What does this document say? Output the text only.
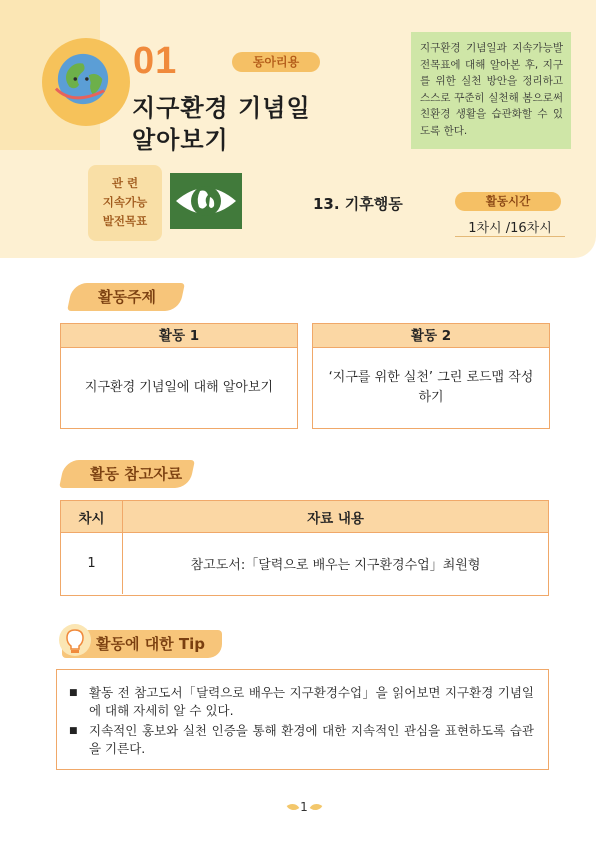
01	동아리용
지구환경 기념일
알아보기
지구환경 기념일과 지속가능발전목표에 대해 알아본 후, 지구를 위한 실천 방안을 정리하고 스스로 꾸준히 실천해 봄으로써 친환경 생활을 습관화할 수 있도록 한다.
관 련
지속가능
발전목표
13. 기후행동	활동시간
1차시 /16차시
활동주제
활동 1
지구환경 기념일에 대해 알아보기
활동 2
‘지구를 위한 실천’ 그린 로드맵 작성하기
활동 참고자료
차시	자료 내용
1	참고도서:「달력으로 배우는 지구환경수업」최원형
활동에 대한 Tip
■ 활동 전 참고도서「달력으로 배우는 지구환경수업」을 읽어보면 지구환경 기념일에 대해 자세히 알 수 있다.
■ 지속적인 홍보와 실천 인증을 통해 환경에 대한 지속적인 관심을 표현하도록 습관을 기른다.
1
